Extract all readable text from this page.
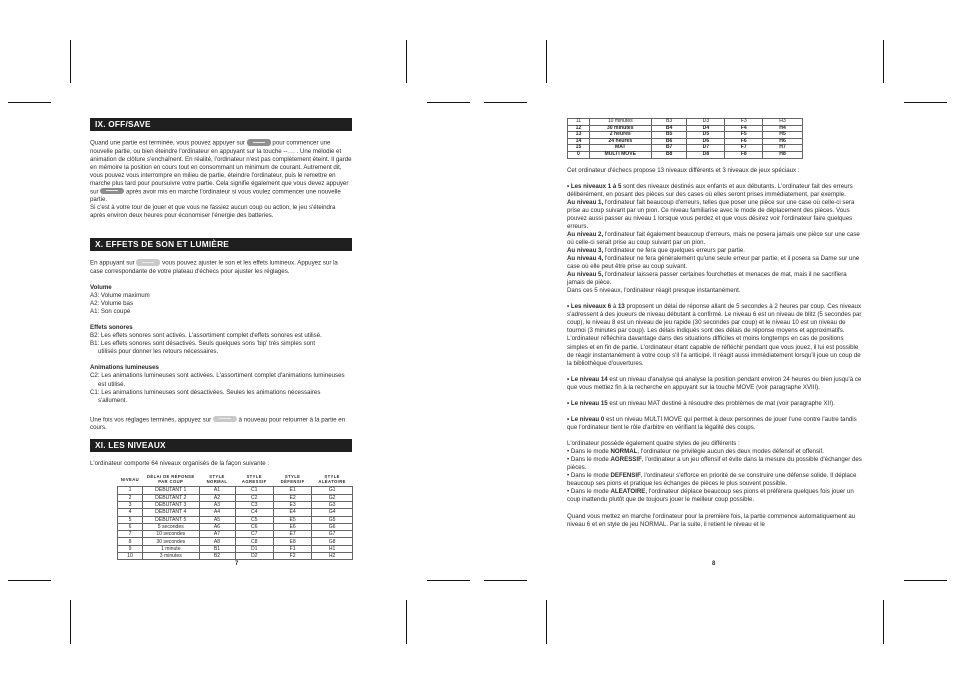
IX. OFF/SAVE

Quand une partie est terminée, vous pouvez appuyer sur	pour commencer une nouvelle partie, ou bien éteindre l'ordinateur en appuyant sur la touche -- ____ . Une mélodie et animation de clôture s'enchaînent. En réalité, l'ordinateur n'est pas complètement éteint. Il garde en mémoire la position en cours tout en consommant un minimum de courant. Autrement dit, vous pouvez vous interrompre en milieu de partie, éteindre l'ordinateur, puis le remettre en marche plus tard pour poursuivre votre partie. Cela signifie également que vous devez appuyer sur	après avoir mis en marche l'ordinateur si vous voulez commencer une nouvelle partie.

Si c'est à votre tour de jouer et que vous ne fassiez aucun coup ou action, le jeu s'éteindra après environ deux heures pour économiser l'énergie des batteries.

X. EFFETS DE SON ET LUMIÈRE

En appuyant sur	vous pouvez ajuster le son et les effets lumineux. Appuyez sur la case correspondante de votre plateau d'échecs pour ajuster les réglages.

Volume

A3: Volume maximum

A2: Volume bas

A1: Son coupé

Effets sonores

B2: Les effets sonores sont activés. L'assortiment complet d'effets sonores est utilisé.

B1: Les effets sonores sont désactivés. Seuls quelques sons 'bip' très simples sont

utilisés pour donner les retours nécessaires.

Animations lumineuses

C2: Les animations lumineuses sont activées. L'assortiment complet d'animations lumineuses

est utilisé.

C1: Les animations lumineuses sont désactivées. Seules les animations nécessaires

s'allument.

Une fois vos réglages terminés, appuyez sur	à nouveau pour retourner à la partie en cours.

XI. LES NIVEAUX

L'ordinateur comporte 64 niveaux organisés de la façon suivante :

NIVEAU	DÉLAI DE RÉPONSE PAR COUP	STYLE NORMAL	STYLE AGRESSIF	STYLE DÉFENSIF	STYLE ALÉATOIRE
1	DÉBUTANT 1	A1	C1	E1	G1
2	DÉBUTANT 2	A2	C2	E2	G2
3	DÉBUTANT 3	A3	C3	E3	G3
4	DÉBUTANT 4	A4	C4	E4	G4
5	DÉBUTANT 5	A5	C5	E5	G5
6	5 secondes	A6	C6	E6	G6
7	10 secondes	A7	C7	E7	G7
8	30 secondes	A8	C8	E8	G8
9	1 minute	B1	D1	F1	H1
10	3 minutes	B2	D2	F2	H2
7
11	10 minutes	B3	D3	F3	H3
12	30 minutes	B4	D4	F4	H4
13	2 heures	B5	D5	F5	H5
14	24 heures	B6	D6	F6	H6
15	MAT	B7	D7	F7	H7
0	MULTI MOVE	B8	D8	F8	H8

Cet ordinateur d'échecs propose 13 niveaux différents et 3 niveaux de jeux spéciaux :

• Les niveaux 1 à 5 sont des niveaux destinés aux enfants et aux débutants. L'ordinateur fait des erreurs délibérément, en posant des pièces sur des cases où elles seront prises immédiatement, par exemple.

Au niveau 1, l'ordinateur fait beaucoup d'erreurs, telles que poser une pièce sur une case où celle-ci sera prise au coup suivant par un pion. Ce niveau familiarise avec le mode de déplacement des pièces. Vous pouvez aussi passer au niveau 1 lorsque vous perdez et que vous désirez voir l'ordinateur faire quelques erreurs.

Au niveau 2, l'ordinateur fait également beaucoup d'erreurs, mais ne posera jamais une pièce sur une case où celle-ci serait prise au coup suivant par un pion.

Au niveau 3, l'ordinateur ne fera que quelques erreurs par partie.

Au niveau 4, l'ordinateur ne fera généralement qu'une seule erreur par partie, et il posera sa Dame sur une case où elle peut être prise au coup suivant.

Au niveau 5, l'ordinateur laissera passer certaines fourchettes et menaces de mat, mais il ne sacrifiera jamais de pièce.

Dans ces 5 niveaux, l'ordinateur réagit presque instantanément.

• Les niveaux 6 à 13 proposent un délai de réponse allant de 5 secondes à 2 heures par coup. Ces niveaux s'adressent à des joueurs de niveau débutant à confirmé. Le niveau 6 est un niveau de blitz (5 secondes par coup), le niveau 8 est un niveau de jeu rapide (30 secondes par coup) et le niveau 10 est un niveau de tournoi (3 minutes par coup). Les délais indiqués sont des délais de réponse moyens et approximatifs. L'ordinateur réfléchira davantage dans des situations difficiles et moins longtemps en cas de positions simples et en fin de partie. L'ordinateur étant capable de réfléchir pendant que vous jouez, il lui est possible de réagir instantanément à votre coup s'il l'a anticipé. Il réagit aussi immédiatement lorsqu'il joue un coup de la bibliothèque d'ouvertures.

• Le niveau 14 est un niveau d'analyse qui analyse la position pendant environ 24 heures ou bien jusqu'à ce que vous mettiez fin à la recherche en appuyant sur la touche MOVE (voir paragraphe XVIII).

• Le niveau 15 est un niveau MAT destiné à résoudre des problèmes de mat (voir paragraphe XII).

• Le niveau 0 est un niveau MULTI MOVE qui permet à deux personnes de jouer l'une contre l'autre tandis que l'ordinateur tient le rôle d'arbitre en vérifiant la légalité des coups.

L'ordinateur possède également quatre styles de jeu différents :

• Dans le mode NORMAL, l'ordinateur ne privilégie aucun des deux modes défensif et offensif.

• Dans le mode AGRESSIF, l'ordinateur a un jeu offensif et évite dans la mesure du possible d'échanger des pièces.

• Dans le mode DEFENSIF, l'ordinateur s'efforce en priorité de se construire une défense solide. Il déplace beaucoup ses pions et pratique les échanges de pièces le plus souvent possible.

• Dans le mode ALEATOIRE, l'ordinateur déplace beaucoup ses pions et préférera quelques fois jouer un coup inattendu plutôt que de toujours jouer le meilleur coup possible.

Quand vous mettez en marche l'ordinateur pour la première fois, la partie commence automatiquement au niveau 6 et en style de jeu NORMAL. Par la suite, il retient le niveau et le

8
